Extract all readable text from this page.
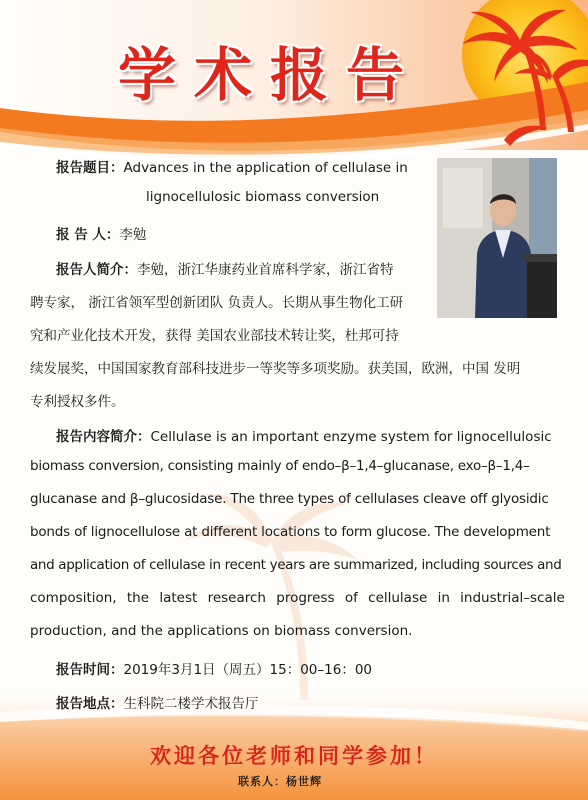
学术报告
报告题目：Advances in the application of cellulase in
lignocellulosic biomass conversion
报 告 人：李勉
报告人简介：李勉，浙江华康药业首席科学家，浙江省特
聘专家， 浙江省领军型创新团队 负责人。长期从事生物化工研
究和产业化技术开发，获得 美国农业部技术转让奖，杜邦可持
续发展奖，中国国家教育部科技进步一等奖等多项奖励。获美国，欧洲，中国 发明
专利授权多件。
报告内容简介：Cellulase is an important enzyme system for lignocellulosic
biomass conversion, consisting mainly of endo–β–1,4–glucanase, exo–β–1,4–
glucanase and β–glucosidase. The three types of cellulases cleave off glyosidic
bonds of lignocellulose at different locations to form glucose. The development
and application of cellulase in recent years are summarized, including sources and
composition, the latest research progress of cellulase in industrial–scale
production, and the applications on biomass conversion.
报告时间：2019年3月1日（周五）15：00–16：00
报告地点：生科院二楼学术报告厅
欢迎各位老师和同学参加！
联系人：杨世辉
